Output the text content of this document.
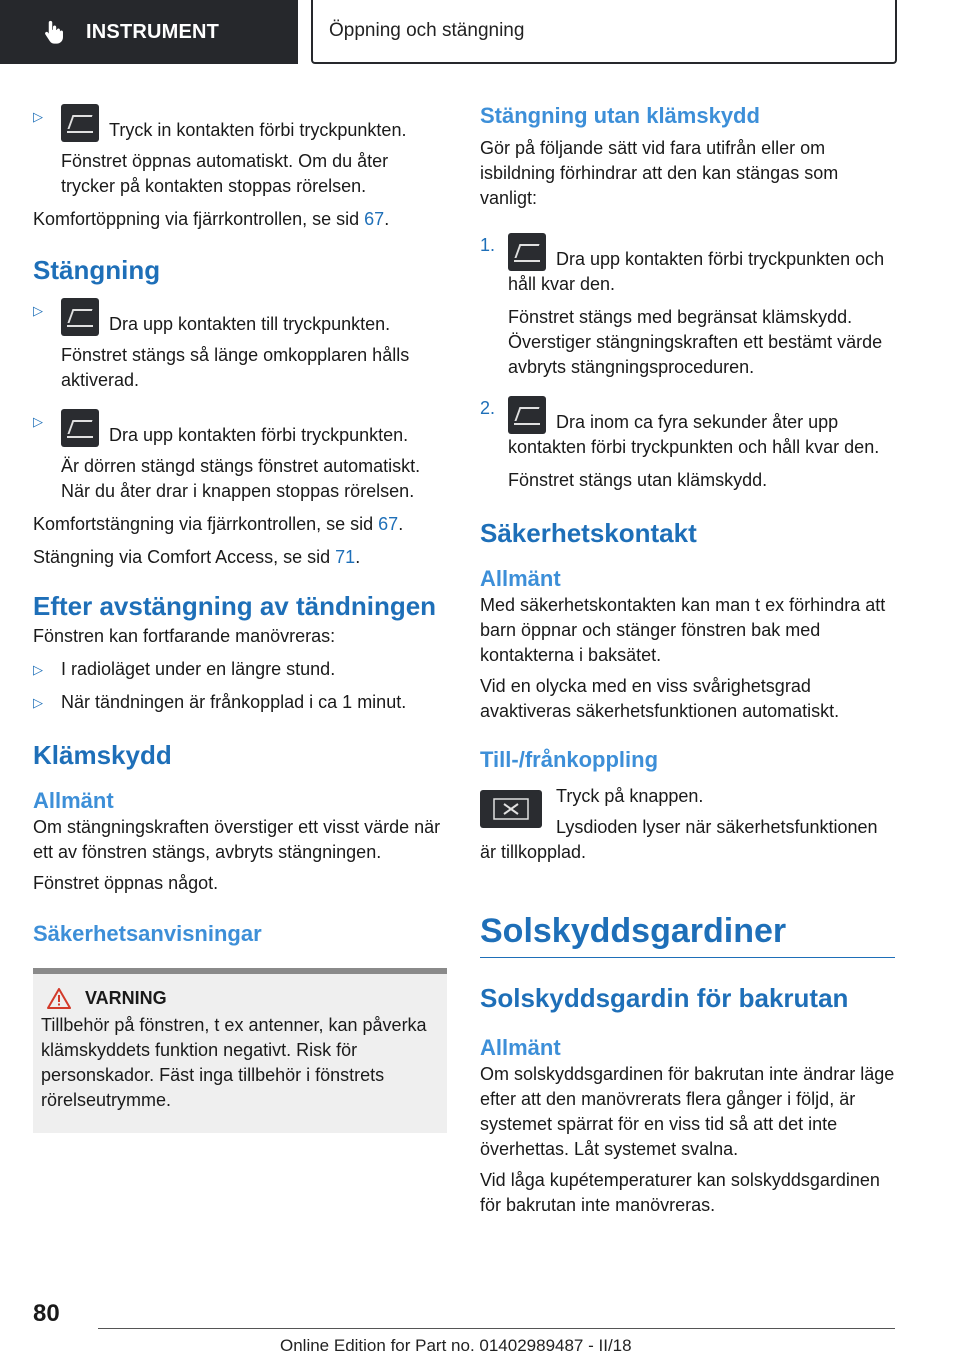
INSTRUMENT	Öppning och stängning
▷

Tryck in kontakten förbi tryckpunkten.

Fönstret öppnas automatiskt. Om du åter trycker på kontakten stoppas rörelsen.

Komfortöppning via fjärrkontrollen, se sid 67.

Stängning
▷

Dra upp kontakten till tryckpunkten.

Fönstret stängs så länge omkopplaren hålls aktiverad.

▷

Dra upp kontakten förbi tryckpunkten.

Är dörren stängd stängs fönstret automatiskt. När du åter drar i knappen stoppas rörelsen.

Komfortstängning via fjärrkontrollen, se sid 67.

Stängning via Comfort Access, se sid 71.

Efter avstängning av tändningen

Fönstren kan fortfarande manövreras:

▷	I radioläget under en längre stund.

▷	När tändningen är frånkopplad i ca 1 minut.

Klämskydd
Allmänt

Om stängningskraften överstiger ett visst värde när ett av fönstren stängs, avbryts stängningen.

Fönstret öppnas något.

Säkerhetsanvisningar
VARNING

Tillbehör på fönstren, t ex antenner, kan påverka klämskyddets funktion negativt. Risk för personskador. Fäst inga tillbehör i fönstrets rörelseutrymme.

Stängning utan klämskydd

Gör på följande sätt vid fara utifrån eller om isbildning förhindrar att den kan stängas som vanligt:

1.

Dra upp kontakten förbi tryckpunkten och håll kvar den.

Fönstret stängs med begränsat klämskydd. Överstiger stängningskraften ett bestämt värde avbryts stängningsproceduren.

2.

Dra inom ca fyra sekunder åter upp kontakten förbi tryckpunkten och håll kvar den.

Fönstret stängs utan klämskydd.

Säkerhetskontakt
Allmänt

Med säkerhetskontakten kan man t ex förhindra att barn öppnar och stänger fönstren bak med kontakterna i baksätet.

Vid en olycka med en viss svårighetsgrad avaktiveras säkerhetsfunktionen automatiskt.

Till-/frånkoppling

Tryck på knappen.

Lysdioden lyser när säkerhetsfunktionen är tillkopplad.

Solskyddsgardiner
Solskyddsgardin för bakrutan
Allmänt

Om solskyddsgardinen för bakrutan inte ändrar läge efter att den manövrerats flera gånger i följd, är systemet spärrat för en viss tid så att det inte överhettas. Låt systemet svalna.

Vid låga kupétemperaturer kan solskyddsgardinen för bakrutan inte manövreras.

80
Online Edition for Part no. 01402989487 - II/18
